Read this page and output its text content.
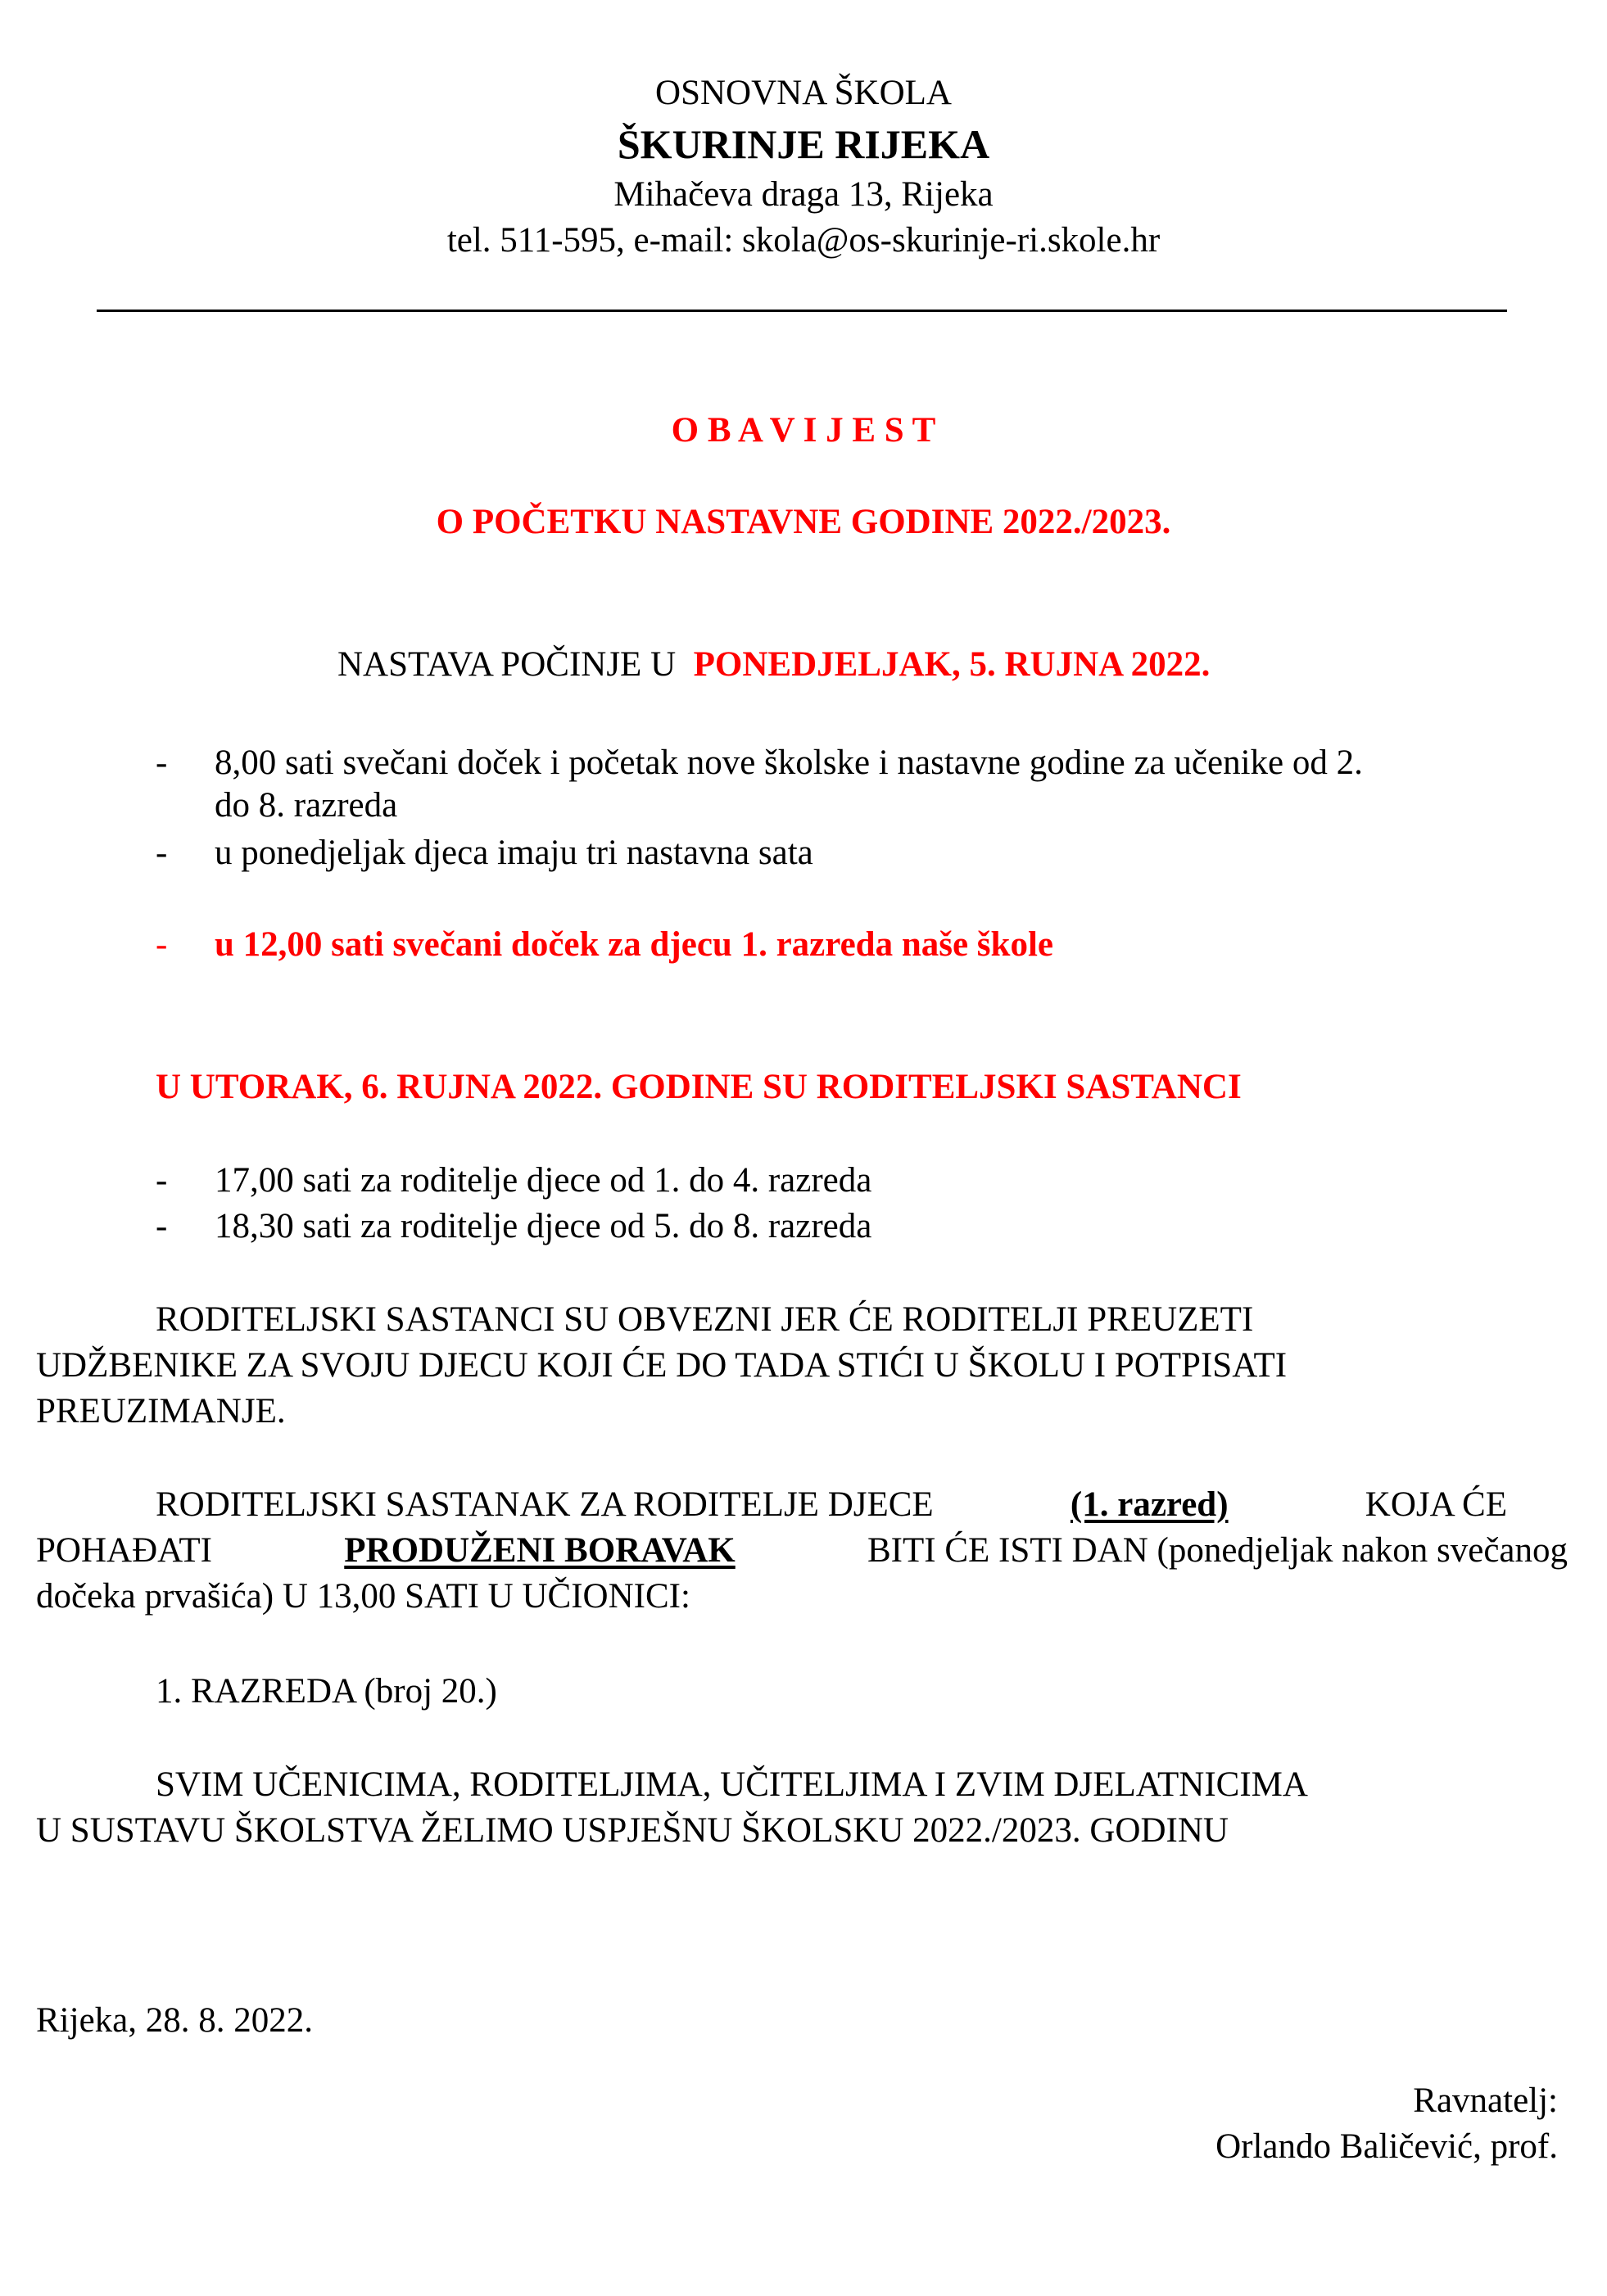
OSNOVNA ŠKOLA
ŠKURINJE RIJEKA
Mihačeva draga 13, Rijeka
tel. 511-595, e-mail: skola@os-skurinje-ri.skole.hr
O B A V I J E S T
O POČETKU NASTAVNE GODINE 2022./2023.
NASTAVA POČINJE U PONEDJELJAK, 5. RUJNA 2022.
- 8,00 sati svečani doček i početak nove školske i nastavne godine za učenike od 2.
do 8. razreda
- u ponedjeljak djeca imaju tri nastavna sata
- u 12,00 sati svečani doček za djecu 1. razreda naše škole
U UTORAK, 6. RUJNA 2022. GODINE SU RODITELJSKI SASTANCI
- 17,00 sati za roditelje djece od 1. do 4. razreda
- 18,30 sati za roditelje djece od 5. do 8. razreda
RODITELJSKI SASTANCI SU OBVEZNI JER ĆE RODITELJI PREUZETI
UDŽBENIKE ZA SVOJU DJECU KOJI ĆE DO TADA STIĆI U ŠKOLU I POTPISATI
PREUZIMANJE.
RODITELJSKI SASTANAK ZA RODITELJE DJECE	(1. razred)	KOJA ĆE
POHAĐATI	PRODUŽENI BORAVAK	BITI ĆE ISTI DAN (ponedjeljak nakon svečanog
dočeka prvašića) U 13,00 SATI U UČIONICI:
1. RAZREDA (broj 20.)
SVIM UČENICIMA, RODITELJIMA, UČITELJIMA I ZVIM DJELATNICIMA
U SUSTAVU ŠKOLSTVA ŽELIMO USPJEŠNU ŠKOLSKU 2022./2023. GODINU
Rijeka, 28. 8. 2022.
Ravnatelj:
Orlando Baličević, prof.
